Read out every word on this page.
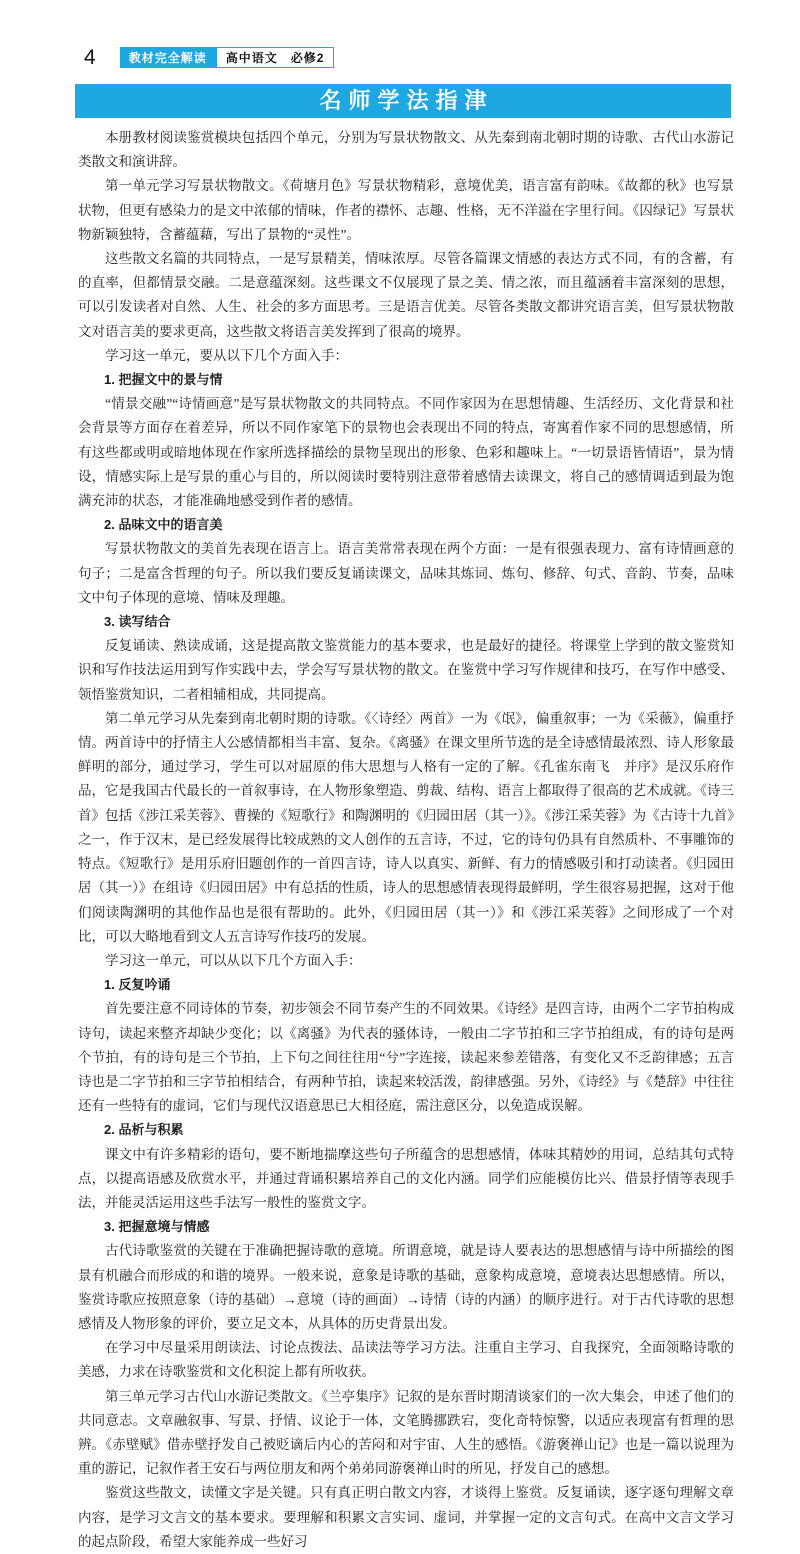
4	教材完全解读	高中语文　必修2
名师学法指津

本册教材阅读鉴赏模块包括四个单元，分别为写景状物散文、从先秦到南北朝时期的诗歌、古代山水游记类散文和演讲辞。

第一单元学习写景状物散文。《荷塘月色》写景状物精彩，意境优美，语言富有韵味。《故都的秋》也写景状物，但更有感染力的是文中浓郁的情味，作者的襟怀、志趣、性格，无不洋溢在字里行间。《囚绿记》写景状物新颖独特，含蓄蕴藉，写出了景物的“灵性”。

这些散文名篇的共同特点，一是写景精美，情味浓厚。尽管各篇课文情感的表达方式不同，有的含蓄，有的直率，但都情景交融。二是意蕴深刻。这些课文不仅展现了景之美、情之浓，而且蕴涵着丰富深刻的思想，可以引发读者对自然、人生、社会的多方面思考。三是语言优美。尽管各类散文都讲究语言美，但写景状物散文对语言美的要求更高，这些散文将语言美发挥到了很高的境界。

学习这一单元，要从以下几个方面入手：

1. 把握文中的景与情

“情景交融”“诗情画意”是写景状物散文的共同特点。不同作家因为在思想情趣、生活经历、文化背景和社会背景等方面存在着差异，所以不同作家笔下的景物也会表现出不同的特点，寄寓着作家不同的思想感情，所有这些都或明或暗地体现在作家所选择描绘的景物呈现出的形象、色彩和趣味上。“一切景语皆情语”，景为情设，情感实际上是写景的重心与目的，所以阅读时要特别注意带着感情去读课文，将自己的感情调适到最为饱满充沛的状态，才能准确地感受到作者的感情。

2. 品味文中的语言美

写景状物散文的美首先表现在语言上。语言美常常表现在两个方面：一是有很强表现力、富有诗情画意的句子；二是富含哲理的句子。所以我们要反复诵读课文，品味其炼词、炼句、修辞、句式、音韵、节奏，品味文中句子体现的意境、情味及理趣。

3. 读写结合

反复诵读、熟读成诵，这是提高散文鉴赏能力的基本要求，也是最好的捷径。将课堂上学到的散文鉴赏知识和写作技法运用到写作实践中去，学会写写景状物的散文。在鉴赏中学习写作规律和技巧，在写作中感受、领悟鉴赏知识，二者相辅相成，共同提高。

第二单元学习从先秦到南北朝时期的诗歌。《〈诗经〉两首》一为《氓》，偏重叙事；一为《采薇》，偏重抒情。两首诗中的抒情主人公感情都相当丰富、复杂。《离骚》在课文里所节选的是全诗感情最浓烈、诗人形象最鲜明的部分，通过学习，学生可以对屈原的伟大思想与人格有一定的了解。《孔雀东南飞　并序》是汉乐府作品，它是我国古代最长的一首叙事诗，在人物形象塑造、剪裁、结构、语言上都取得了很高的艺术成就。《诗三首》包括《涉江采芙蓉》、曹操的《短歌行》和陶渊明的《归园田居（其一）》。《涉江采芙蓉》为《古诗十九首》之一，作于汉末，是已经发展得比较成熟的文人创作的五言诗，不过，它的诗句仍具有自然质朴、不事雕饰的特点。《短歌行》是用乐府旧题创作的一首四言诗，诗人以真实、新鲜、有力的情感吸引和打动读者。《归园田居（其一）》在组诗《归园田居》中有总括的性质，诗人的思想感情表现得最鲜明，学生很容易把握，这对于他们阅读陶渊明的其他作品也是很有帮助的。此外，《归园田居（其一）》和《涉江采芙蓉》之间形成了一个对比，可以大略地看到文人五言诗写作技巧的发展。

学习这一单元，可以从以下几个方面入手：

1. 反复吟诵

首先要注意不同诗体的节奏，初步领会不同节奏产生的不同效果。《诗经》是四言诗，由两个二字节拍构成诗句，读起来整齐却缺少变化；以《离骚》为代表的骚体诗，一般由二字节拍和三字节拍组成，有的诗句是两个节拍，有的诗句是三个节拍，上下句之间往往用“兮”字连接，读起来参差错落，有变化又不乏韵律感；五言诗也是二字节拍和三字节拍相结合，有两种节拍，读起来较活泼，韵律感强。另外，《诗经》与《楚辞》中往往还有一些特有的虚词，它们与现代汉语意思已大相径庭，需注意区分，以免造成误解。

2. 品析与积累

课文中有许多精彩的语句，要不断地揣摩这些句子所蕴含的思想感情，体味其精妙的用词，总结其句式特点，以提高语感及欣赏水平，并通过背诵积累培养自己的文化内涵。同学们应能模仿比兴、借景抒情等表现手法，并能灵活运用这些手法写一般性的鉴赏文字。

3. 把握意境与情感

古代诗歌鉴赏的关键在于准确把握诗歌的意境。所谓意境，就是诗人要表达的思想感情与诗中所描绘的图景有机融合而形成的和谐的境界。一般来说，意象是诗歌的基础，意象构成意境，意境表达思想感情。所以，鉴赏诗歌应按照意象（诗的基础）→意境（诗的画面）→诗情（诗的内涵）的顺序进行。对于古代诗歌的思想感情及人物形象的评价，要立足文本，从具体的历史背景出发。

在学习中尽量采用朗读法、讨论点拨法、品读法等学习方法。注重自主学习、自我探究，全面领略诗歌的美感，力求在诗歌鉴赏和文化积淀上都有所收获。

第三单元学习古代山水游记类散文。《兰亭集序》记叙的是东晋时期清谈家们的一次大集会，申述了他们的共同意志。文章融叙事、写景、抒情、议论于一体，文笔腾挪跌宕，变化奇特惊警，以适应表现富有哲理的思辨。《赤壁赋》借赤壁抒发自己被贬谪后内心的苦闷和对宇宙、人生的感悟。《游褒禅山记》也是一篇以说理为重的游记，记叙作者王安石与两位朋友和两个弟弟同游褒禅山时的所见，抒发自己的感想。

鉴赏这些散文，读懂文字是关键。只有真正明白散文内容，才谈得上鉴赏。反复诵读，逐字逐句理解文章内容，是学习文言文的基本要求。要理解和积累文言实词、虚词，并掌握一定的文言句式。在高中文言文学习的起点阶段，希望大家能养成一些好习
